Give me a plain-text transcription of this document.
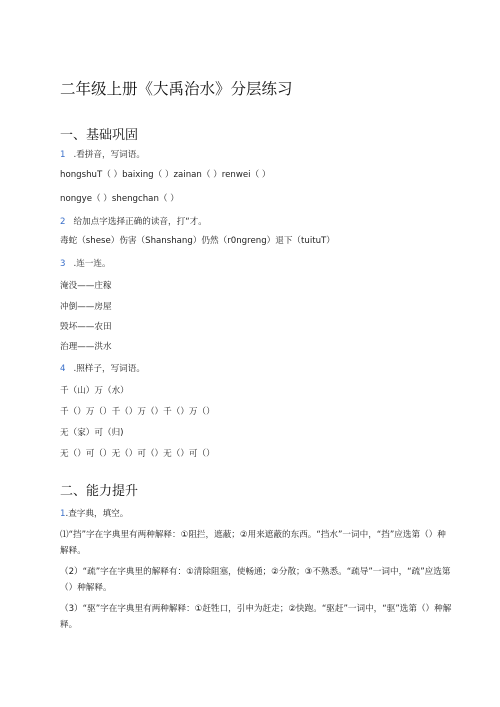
二年级上册《大禹治水》分层练习
一、基础巩固
1 .看拼音，写词语。
hongshuT（ ）baixing（ ）zainan（ ）renwei（ ）
nongye（ ）shengchan（ ）
2 给加点字选择正确的读音，打“才。
毒蛇（shese）伤害（Shanshang）仍然（r0ngreng）退下（tuituT）
3 .连一连。
淹没——庄稼
冲倒——房屋
毁坏——农田
治理——洪水
4 .照样子，写词语。
千（山）万（水）
千（）万（）千（）万（）千（）万（）
无（家）可（归)
无（）可（）无（）可（）无（）可（）
二、能力提升
1.查字典，填空。
⑴“挡”字在字典里有两种解释：①阻拦，遮蔽；②用来遮蔽的东西。“挡水”一词中，“挡”应选第（）种解释。
（2）“疏”字在字典里的解释有：①清除阻塞，使畅通；②分散；③不熟悉。“疏导”一词中，“疏”应选第（）种解释。
（3）“驱”字在字典里有两种解释：①赶牲口，引申为赶走；②快跑。“驱赶”一词中，“驱”选第（）种解释。
